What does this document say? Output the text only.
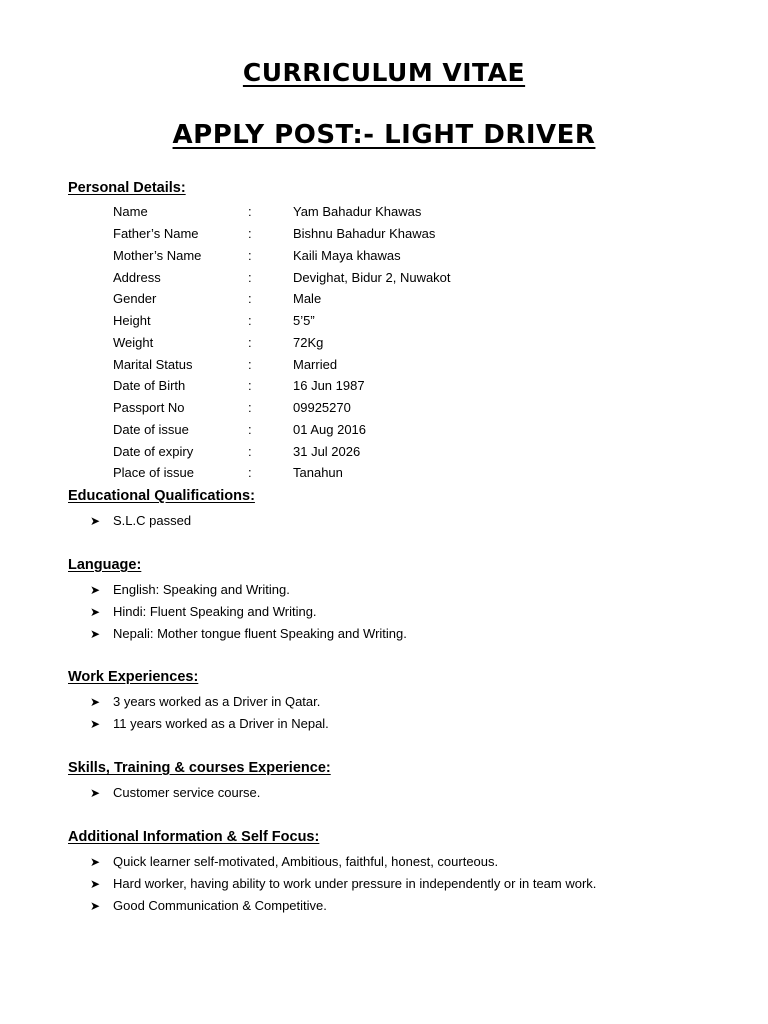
CURRICULUM VITAE
APPLY POST:- LIGHT DRIVER
Personal Details:
Name	:	Yam Bahadur Khawas
Father’s Name	:	Bishnu Bahadur Khawas
Mother’s Name	:	Kaili Maya khawas
Address	:	Devighat, Bidur 2, Nuwakot
Gender	:	Male
Height	:	5’5”
Weight	:	72Kg
Marital Status	:	Married
Date of Birth	:	16 Jun 1987
Passport No	:	09925270
Date of issue	:	01 Aug 2016
Date of expiry	:	31 Jul 2026
Place of issue	:	Tanahun
Educational Qualifications:
➤ S.L.C passed
Language:
➤ English: Speaking and Writing.
➤ Hindi: Fluent Speaking and Writing.
➤ Nepali: Mother tongue fluent Speaking and Writing.
Work Experiences:
➤ 3 years worked as a Driver in Qatar.
➤ 11 years worked as a Driver in Nepal.
Skills, Training & courses Experience:
➤ Customer service course.
Additional Information & Self Focus:
➤ Quick learner self-motivated, Ambitious, faithful, honest, courteous.
➤ Hard worker, having ability to work under pressure in independently or in team work.
➤ Good Communication & Competitive.
